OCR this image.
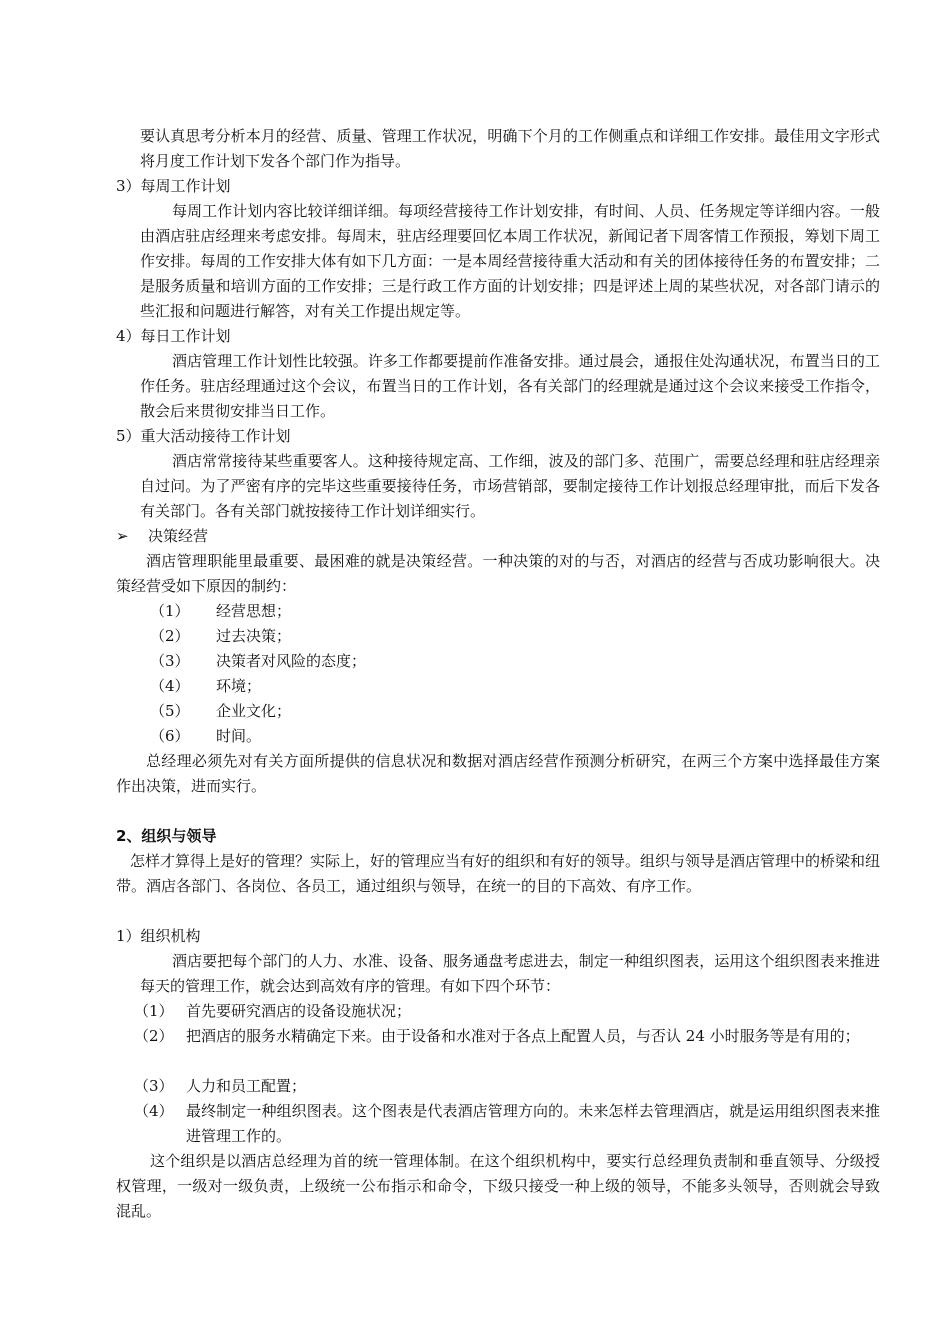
要认真思考分析本月的经营、质量、管理工作状况，明确下个月的工作侧重点和详细工作安排。最佳用文字形式将月度工作计划下发各个部门作为指导。

3）每周工作计划

每周工作计划内容比较详细详细。每项经营接待工作计划安排，有时间、人员、任务规定等详细内容。一般由酒店驻店经理来考虑安排。每周末，驻店经理要回忆本周工作状况，新闻记者下周客情工作预报，筹划下周工作安排。每周的工作安排大体有如下几方面：一是本周经营接待重大活动和有关的团体接待任务的布置安排；二是服务质量和培训方面的工作安排；三是行政工作方面的计划安排；四是评述上周的某些状况，对各部门请示的些汇报和问题进行解答，对有关工作提出规定等。

4）每日工作计划

酒店管理工作计划性比较强。许多工作都要提前作准备安排。通过晨会，通报住处沟通状况，布置当日的工作任务。驻店经理通过这个会议，布置当日的工作计划，各有关部门的经理就是通过这个会议来接受工作指令，散会后来贯彻安排当日工作。

5）重大活动接待工作计划

酒店常常接待某些重要客人。这种接待规定高、工作细，波及的部门多、范围广，需要总经理和驻店经理亲自过问。为了严密有序的完毕这些重要接待任务，市场营销部，要制定接待工作计划报总经理审批，而后下发各有关部门。各有关部门就按接待工作计划详细实行。

➢ 决策经营

酒店管理职能里最重要、最困难的就是决策经营。一种决策的对的与否，对酒店的经营与否成功影响很大。决策经营受如下原因的制约：

（1） 经营思想；
（2） 过去决策；
（3） 决策者对风险的态度；
（4） 环境；
（5） 企业文化；
（6） 时间。

总经理必须先对有关方面所提供的信息状况和数据对酒店经营作预测分析研究，在两三个方案中选择最佳方案作出决策，进而实行。

2、组织与领导

怎样才算得上是好的管理？实际上，好的管理应当有好的组织和有好的领导。组织与领导是酒店管理中的桥梁和纽带。酒店各部门、各岗位、各员工，通过组织与领导，在统一的目的下高效、有序工作。

1）组织机构

酒店要把每个部门的人力、水准、设备、服务通盘考虑进去，制定一种组织图表，运用这个组织图表来推进每天的管理工作，就会达到高效有序的管理。有如下四个环节：

（1） 首先要研究酒店的设备设施状况；

（2） 把酒店的服务水精确定下来。由于设备和水准对于各点上配置人员，与否认 24 小时服务等是有用的；

（3） 人力和员工配置；

（4） 最终制定一种组织图表。这个图表是代表酒店管理方向的。未来怎样去管理酒店，就是运用组织图表来推进管理工作的。

这个组织是以酒店总经理为首的统一管理体制。在这个组织机构中，要实行总经理负责制和垂直领导、分级授权管理，一级对一级负责，上级统一公布指示和命令，下级只接受一种上级的领导，不能多头领导，否则就会导致混乱。
